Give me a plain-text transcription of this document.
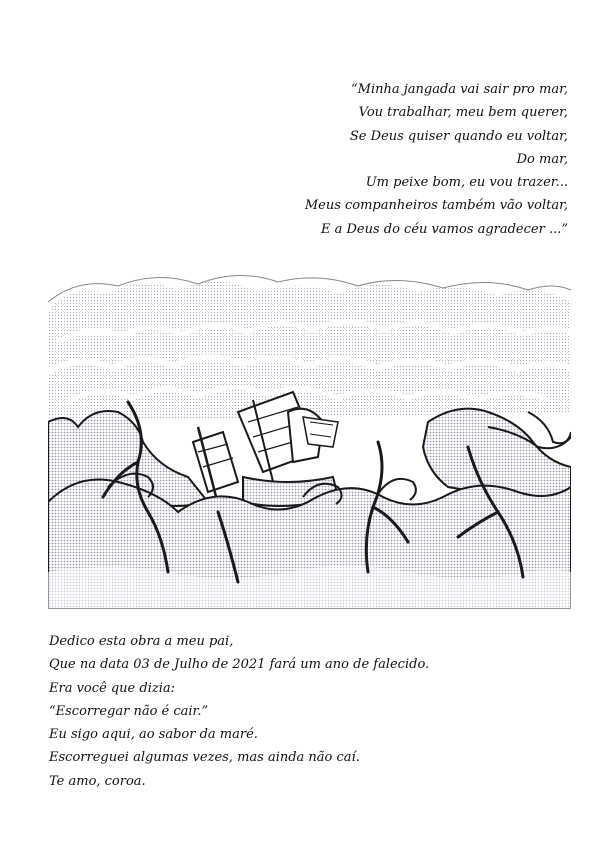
“Minha jangada vai sair pro mar,
Vou trabalhar, meu bem querer,
Se Deus quiser quando eu voltar,
Do mar,
Um peixe bom, eu vou trazer...
Meus companheiros também vão voltar,
E a Deus do céu vamos agradecer ...”
Dedico esta obra a meu pai,
Que na data 03 de Julho de 2021 fará um ano de falecido.
Era você que dizia:
“Escorregar não é cair.”
Eu sigo aqui, ao sabor da maré.
Escorreguei algumas vezes, mas ainda não caí.
Te amo, coroa.
